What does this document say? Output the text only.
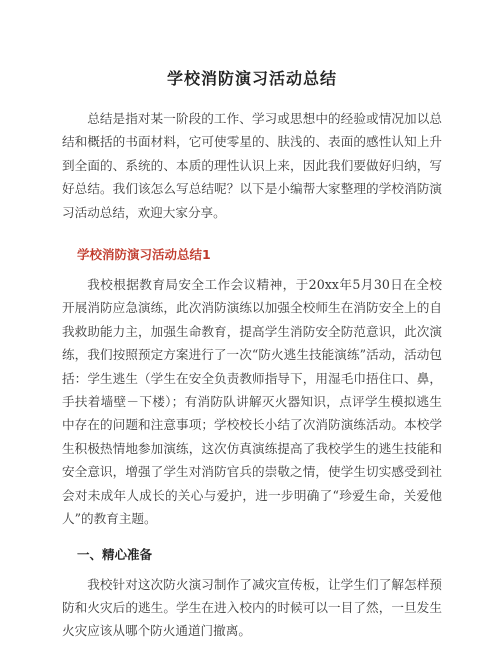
学校消防演习活动总结

总结是指对某一阶段的工作、学习或思想中的经验或情况加以总结和概括的书面材料，它可使零星的、肤浅的、表面的感性认知上升到全面的、系统的、本质的理性认识上来，因此我们要做好归纳，写好总结。我们该怎么写总结呢？以下是小编帮大家整理的学校消防演习活动总结，欢迎大家分享。

学校消防演习活动总结1

我校根据教育局安全工作会议精神，于20xx年5月30日在全校开展消防应急演练，此次消防演练以加强全校师生在消防安全上的自我救助能力主，加强生命教育，提高学生消防安全防范意识，此次演练，我们按照预定方案进行了一次“防火逃生技能演练”活动，活动包括：学生逃生（学生在安全负责教师指导下，用湿毛巾捂住口、鼻，手扶着墙壁－下楼）；有消防队讲解灭火器知识，点评学生模拟逃生中存在的问题和注意事项；学校校长小结了次消防演练活动。本校学生积极热情地参加演练，这次仿真演练提高了我校学生的逃生技能和安全意识，增强了学生对消防官兵的崇敬之情，使学生切实感受到社会对未成年人成长的关心与爱护，进一步明确了“珍爱生命，关爱他人”的教育主题。

一、精心准备

我校针对这次防火演习制作了减灾宣传板，让学生们了解怎样预防和火灾后的逃生。学生在进入校内的时候可以一目了然，一旦发生火灾应该从哪个防火通道门撤离。
